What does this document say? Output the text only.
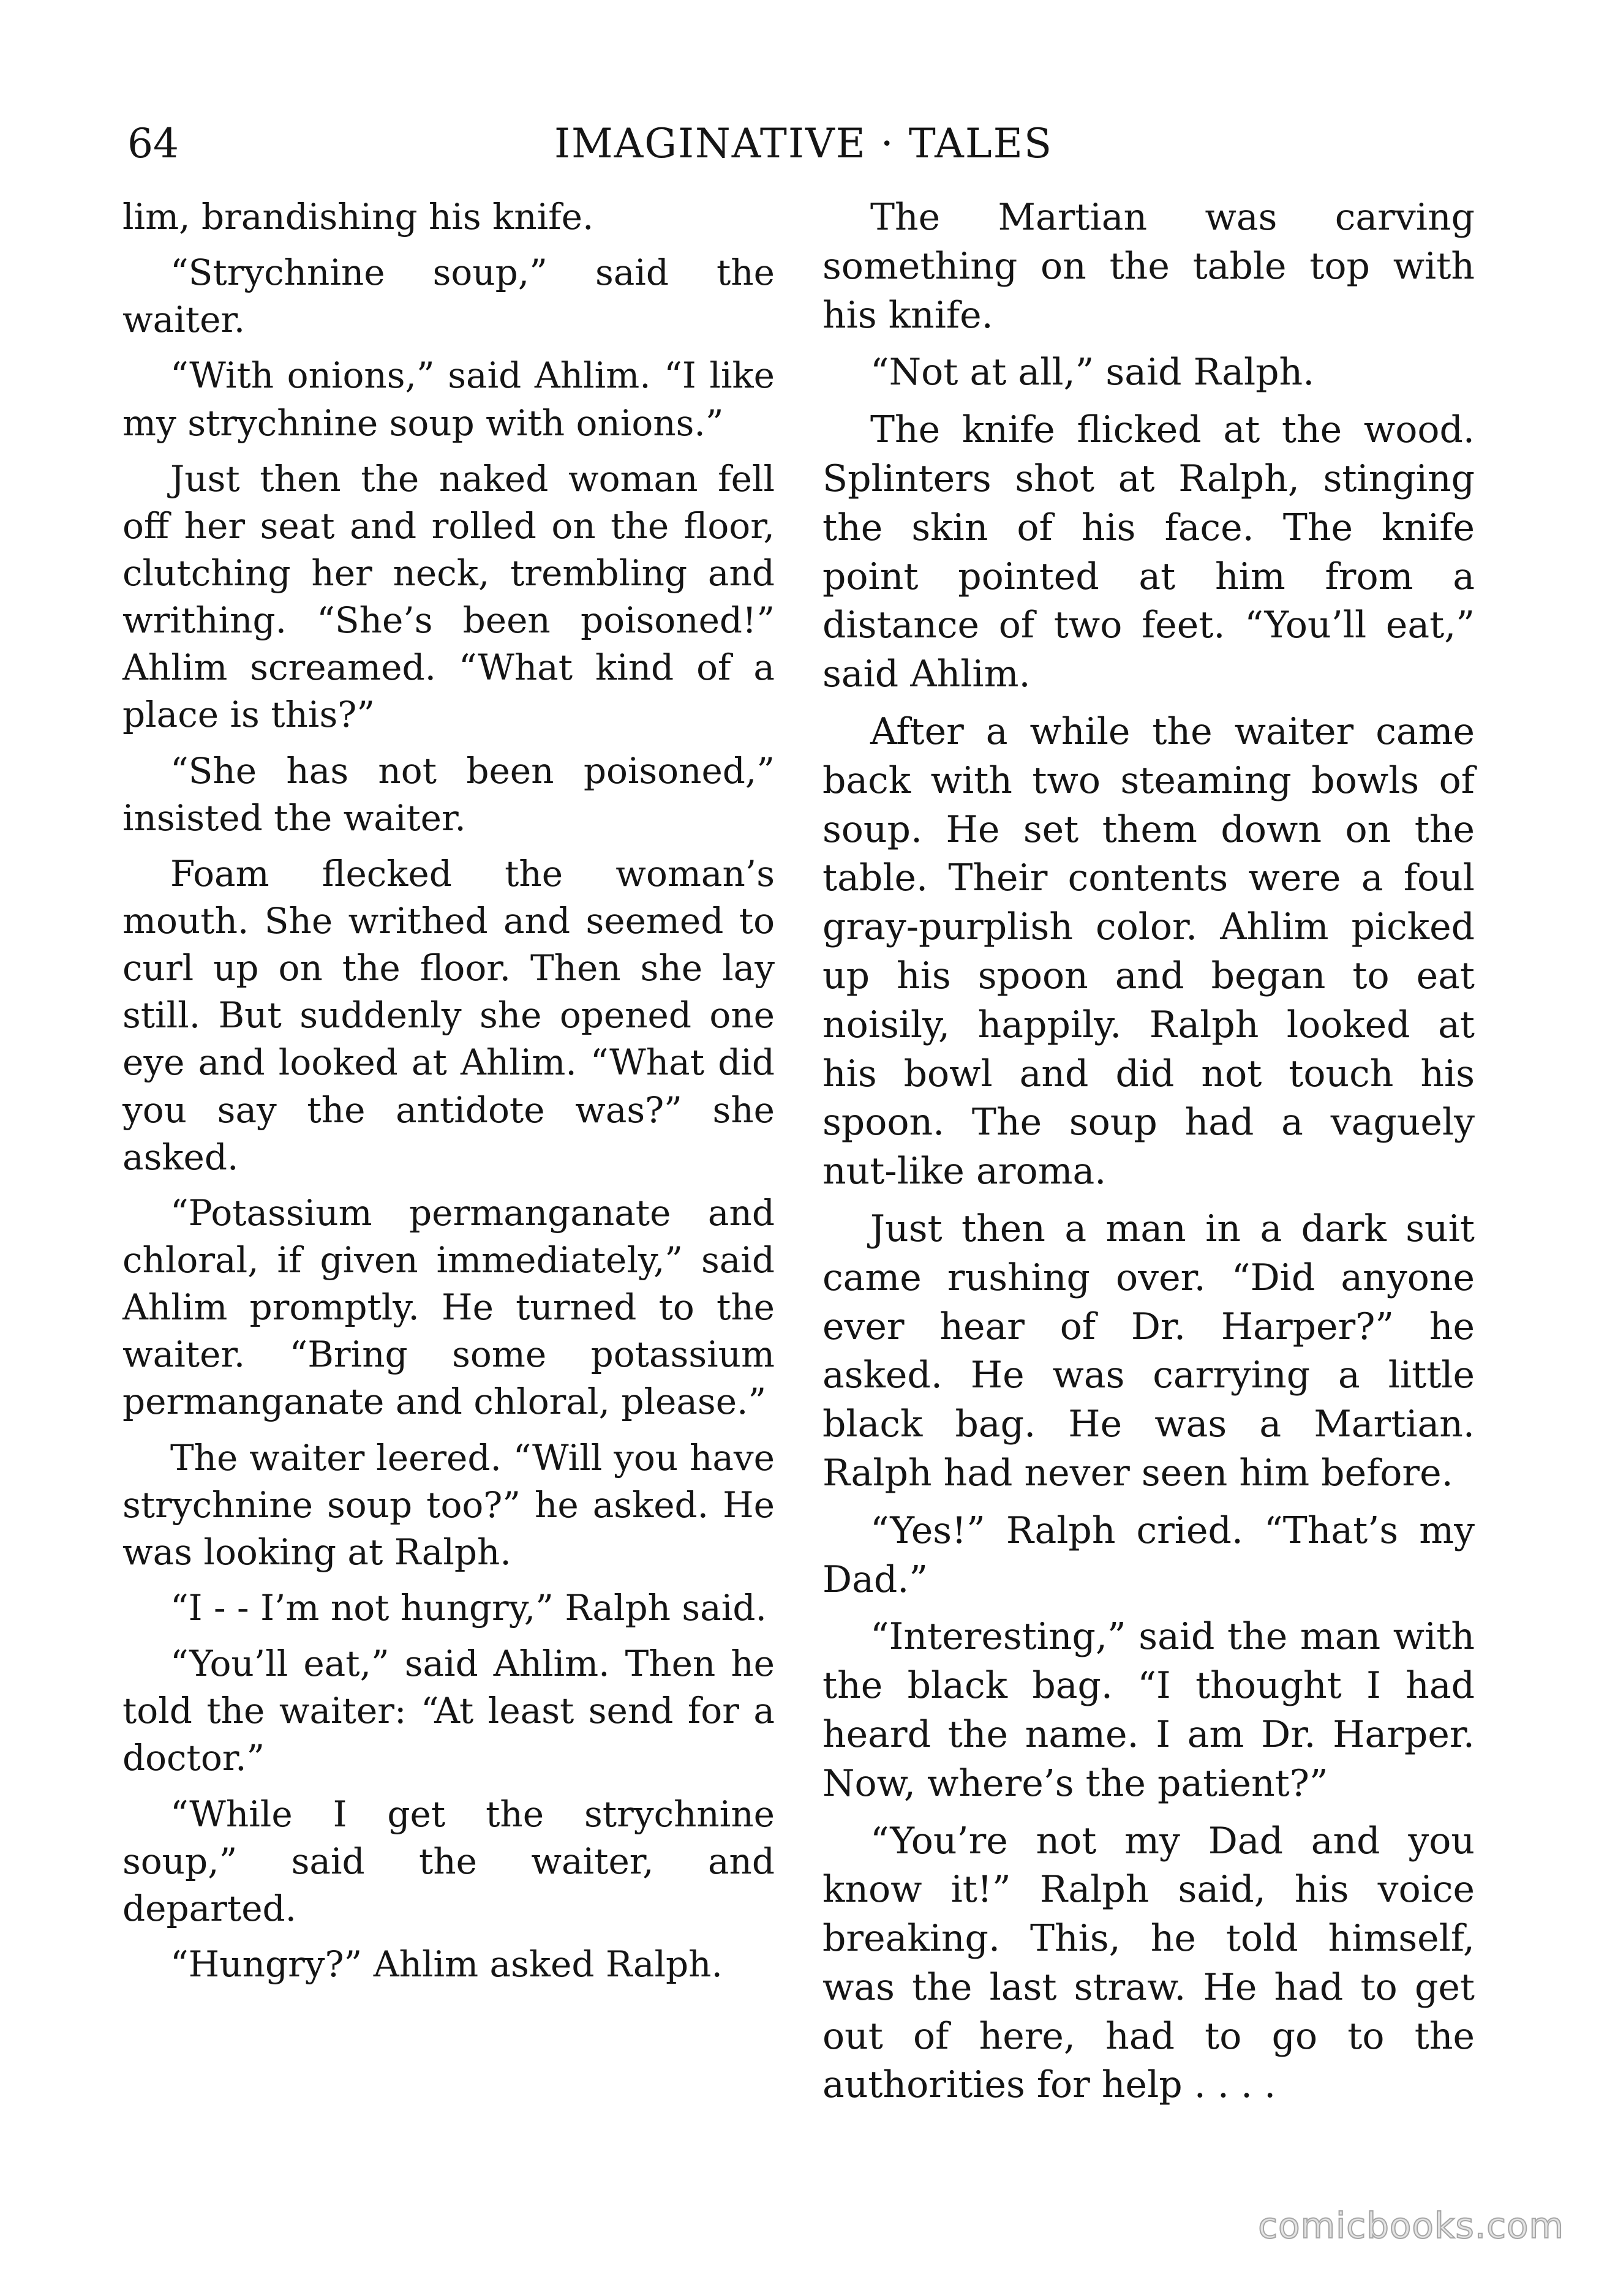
64	IMAGINATIVE · TALES

lim, brandishing his knife.

“Strychnine soup,” said the waiter.

“With onions,” said Ahlim. “I like my strychnine soup with onions.”

Just then the naked woman fell off her seat and rolled on the floor, clutching her neck, trembling and writhing. “She’s been poisoned!” Ahlim screamed. “What kind of a place is this?”

“She has not been poisoned,” insisted the waiter.

Foam flecked the woman’s mouth. She writhed and seemed to curl up on the floor. Then she lay still. But suddenly she opened one eye and looked at Ahlim. “What did you say the antidote was?” she asked.

“Potassium permanganate and chloral, if given immediately,” said Ahlim promptly. He turned to the waiter. “Bring some potassium permanganate and chloral, please.”

The waiter leered. “Will you have strychnine soup too?” he asked. He was looking at Ralph.

“I - - I’m not hungry,” Ralph said.

“You’ll eat,” said Ahlim. Then he told the waiter: “At least send for a doctor.”

“While I get the strychnine soup,” said the waiter, and departed.

“Hungry?” Ahlim asked Ralph.

The Martian was carving something on the table top with his knife.

“Not at all,” said Ralph.

The knife flicked at the wood. Splinters shot at Ralph, stinging the skin of his face. The knife point pointed at him from a distance of two feet. “You’ll eat,” said Ahlim.

After a while the waiter came back with two steaming bowls of soup. He set them down on the table. Their contents were a foul gray-purplish color. Ahlim picked up his spoon and began to eat noisily, happily. Ralph looked at his bowl and did not touch his spoon. The soup had a vaguely nut-like aroma.

Just then a man in a dark suit came rushing over. “Did anyone ever hear of Dr. Harper?” he asked. He was carrying a little black bag. He was a Martian. Ralph had never seen him before.

“Yes!” Ralph cried. “That’s my Dad.”

“Interesting,” said the man with the black bag. “I thought I had heard the name. I am Dr. Harper. Now, where’s the patient?”

“You’re not my Dad and you know it!” Ralph said, his voice breaking. This, he told himself, was the last straw. He had to get out of here, had to go to the authorities for help . . . .

comicbooks.com
